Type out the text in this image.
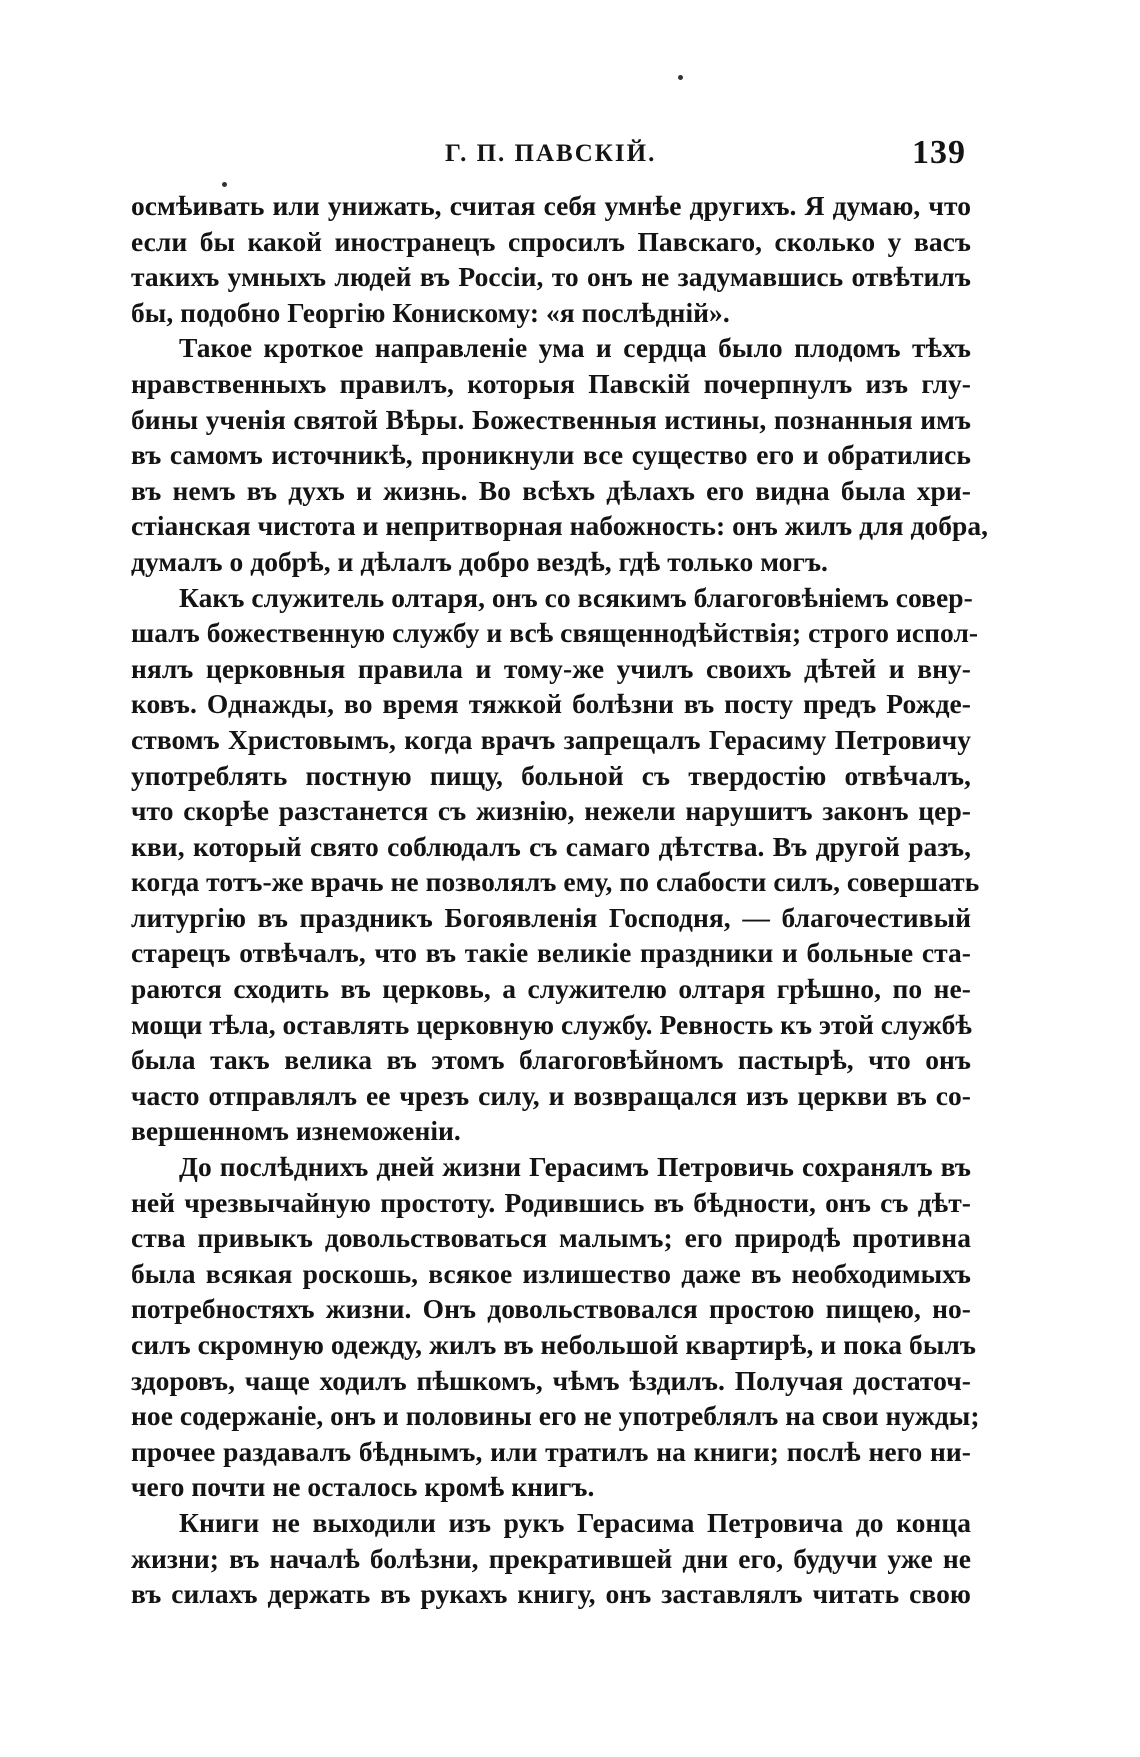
Г. П. ПАВСКІЙ.	139
осмѣивать или унижать, считая себя умнѣе другихъ. Я думаю, что
если бы какой иностранецъ спросилъ Павскаго, сколько у васъ
такихъ умныхъ людей въ Россіи, то онъ не задумавшись отвѣтилъ
бы, подобно Георгію Конискому: «я послѣдній».
Такое кроткое направленіе ума и сердца было плодомъ тѣхъ
нравственныхъ правилъ, которыя Павскій почерпнулъ изъ глу-
бины ученія святой Вѣры. Божественныя истины, познанныя имъ
въ самомъ источникѣ, проникнули все существо его и обратились
въ немъ въ духъ и жизнь. Во всѣхъ дѣлахъ его видна была хри-
стіанская чистота и непритворная набожность: онъ жилъ для добра,
думалъ о добрѣ, и дѣлалъ добро вездѣ, гдѣ только могъ.
Какъ служитель олтаря, онъ со всякимъ благоговѣніемъ совер-
шалъ божественную службу и всѣ священнодѣйствія; строго испол-
нялъ церковныя правила и тому-же училъ своихъ дѣтей и вну-
ковъ. Однажды, во время тяжкой болѣзни въ посту предъ Рожде-
ствомъ Христовымъ, когда врачъ запрещалъ Герасиму Петровичу
употреблять постную пищу, больной съ твердостію отвѣчалъ,
что скорѣе разстанется съ жизнію, нежели нарушитъ законъ цер-
кви, который свято соблюдалъ съ самаго дѣтства. Въ другой разъ,
когда тотъ-же врачь не позволялъ ему, по слабости силъ, совершать
литургію въ праздникъ Богоявленія Господня, — благочестивый
старецъ отвѣчалъ, что въ такіе великіе праздники и больные ста-
раются сходить въ церковь, а служителю олтаря грѣшно, по не-
мощи тѣла, оставлять церковную службу. Ревность къ этой службѣ
была такъ велика въ этомъ благоговѣйномъ пастырѣ, что онъ
часто отправлялъ ее чрезъ силу, и возвращался изъ церкви въ со-
вершенномъ изнеможеніи.
До послѣднихъ дней жизни Герасимъ Петровичь сохранялъ въ
ней чрезвычайную простоту. Родившись въ бѣдности, онъ съ дѣт-
ства привыкъ довольствоваться малымъ; его природѣ противна
была всякая роскошь, всякое излишество даже въ необходимыхъ
потребностяхъ жизни. Онъ довольствовался простою пищею, но-
силъ скромную одежду, жилъ въ небольшой квартирѣ, и пока былъ
здоровъ, чаще ходилъ пѣшкомъ, чѣмъ ѣздилъ. Получая достаточ-
ное содержаніе, онъ и половины его не употреблялъ на свои нужды;
прочее раздавалъ бѣднымъ, или тратилъ на книги; послѣ него ни-
чего почти не осталось кромѣ книгъ.
Книги не выходили изъ рукъ Герасима Петровича до конца
жизни; въ началѣ болѣзни, прекратившей дни его, будучи уже не
въ силахъ держать въ рукахъ книгу, онъ заставлялъ читать свою
